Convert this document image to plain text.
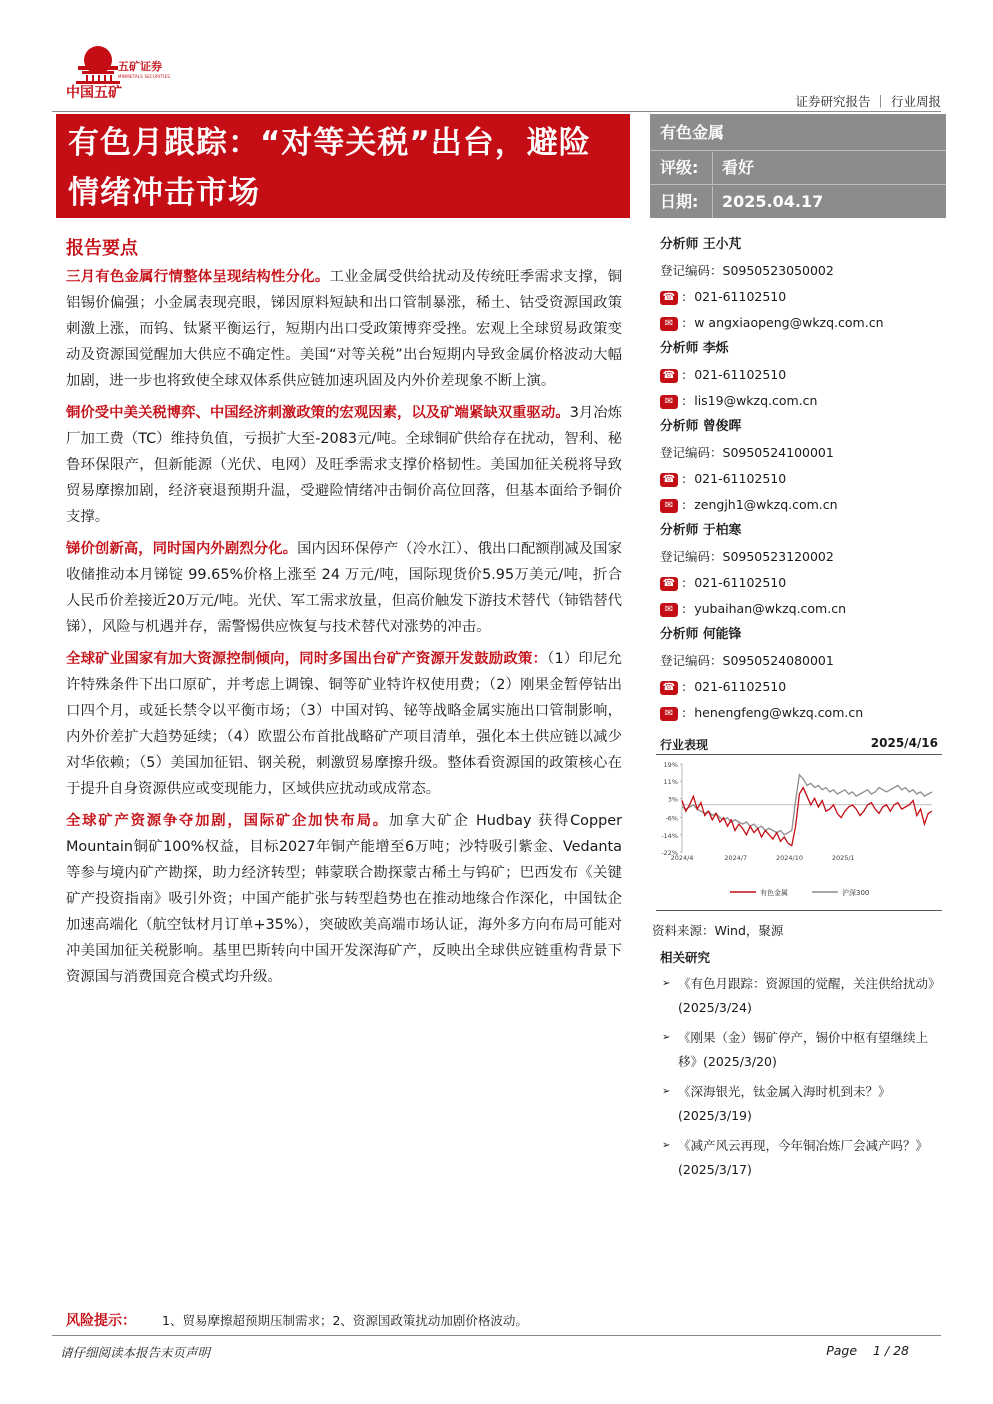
中国五矿
五矿证券
MINMETALS SECURITIES
证券研究报告 ｜ 行业周报
有色月跟踪：“对等关税”出台，避险
情绪冲击市场
有色金属
评级: 看好
日期: 2025.04.17
报告要点

三月有色金属行情整体呈现结构性分化。工业金属受供给扰动及传统旺季需求支撑，铜铝锡价偏强；小金属表现亮眼，锑因原料短缺和出口管制暴涨，稀土、钴受资源国政策刺激上涨，而钨、钛紧平衡运行，短期内出口受政策博弈受挫。宏观上全球贸易政策变动及资源国觉醒加大供应不确定性。美国“对等关税”出台短期内导致金属价格波动大幅加剧，进一步也将致使全球双体系供应链加速巩固及内外价差现象不断上演。

铜价受中美关税博弈、中国经济刺激政策的宏观因素，以及矿端紧缺双重驱动。3月冶炼厂加工费（TC）维持负值，亏损扩大至-2083元/吨。全球铜矿供给存在扰动，智利、秘鲁环保限产，但新能源（光伏、电网）及旺季需求支撑价格韧性。美国加征关税将导致贸易摩擦加剧，经济衰退预期升温，受避险情绪冲击铜价高位回落，但基本面给予铜价支撑。

锑价创新高，同时国内外剧烈分化。国内因环保停产（冷水江）、俄出口配额削减及国家收储推动本月锑锭 99.65%价格上涨至 24 万元/吨，国际现货价5.95万美元/吨，折合人民币价差接近20万元/吨。光伏、军工需求放量，但高价触发下游技术替代（铈锆替代锑），风险与机遇并存，需警惕供应恢复与技术替代对涨势的冲击。

全球矿业国家有加大资源控制倾向，同时多国出台矿产资源开发鼓励政策：（1）印尼允许特殊条件下出口原矿，并考虑上调镍、铜等矿业特许权使用费；（2）刚果金暂停钴出口四个月，或延长禁令以平衡市场；（3）中国对钨、铋等战略金属实施出口管制影响，内外价差扩大趋势延续；（4）欧盟公布首批战略矿产项目清单，强化本土供应链以减少对华依赖；（5）美国加征铝、钢关税，刺激贸易摩擦升级。整体看资源国的政策核心在于提升自身资源供应或变现能力，区域供应扰动或成常态。

全球矿产资源争夺加剧，国际矿企加快布局。加拿大矿企 Hudbay 获得Copper Mountain铜矿100%权益，目标2027年铜产能增至6万吨；沙特吸引紫金、Vedanta等参与境内矿产勘探，助力经济转型；韩蒙联合勘探蒙古稀土与钨矿；巴西发布《关键矿产投资指南》吸引外资；中国产能扩张与转型趋势也在推动地缘合作深化，中国钛企加速高端化（航空钛材月订单+35%），突破欧美高端市场认证，海外多方向布局可能对冲美国加征关税影响。基里巴斯转向中国开发深海矿产，反映出全球供应链重构背景下资源国与消费国竞合模式均升级。

分析师 王小芃
登记编码：S0950523050002
☎ : 021-61102510
✉ : w angxiaopeng@wkzq.com.cn
分析师 李烁
☎ : 021-61102510
✉ : lis19@wkzq.com.cn
分析师 曾俊晖
登记编码：S0950524100001
☎ : 021-61102510
✉ : zengjh1@wkzq.com.cn
分析师 于柏寒
登记编码：S0950523120002
☎ : 021-61102510
✉ : yubaihan@wkzq.com.cn
分析师 何能锋
登记编码：S0950524080001
☎ : 021-61102510
✉ : henengfeng@wkzq.com.cn
行业表现	2025/4/16
19%
11%
3%
-6%
-14%
-22%
2024/4	2024/7	2024/10	2025/1
有色金属	沪深300
资料来源：Wind，聚源
相关研究
➢ 《有色月跟踪：资源国的觉醒，关注供给扰动》(2025/3/24)
➢ 《刚果（金）锡矿停产，锡价中枢有望继续上移》(2025/3/20)
➢ 《深海银光，钛金属入海时机到未？》(2025/3/19)
➢ 《减产风云再现，今年铜冶炼厂会减产吗？》(2025/3/17)
风险提示： 1、贸易摩擦超预期压制需求；2、资源国政策扰动加剧价格波动。
请仔细阅读本报告末页声明	Page 1 / 28
